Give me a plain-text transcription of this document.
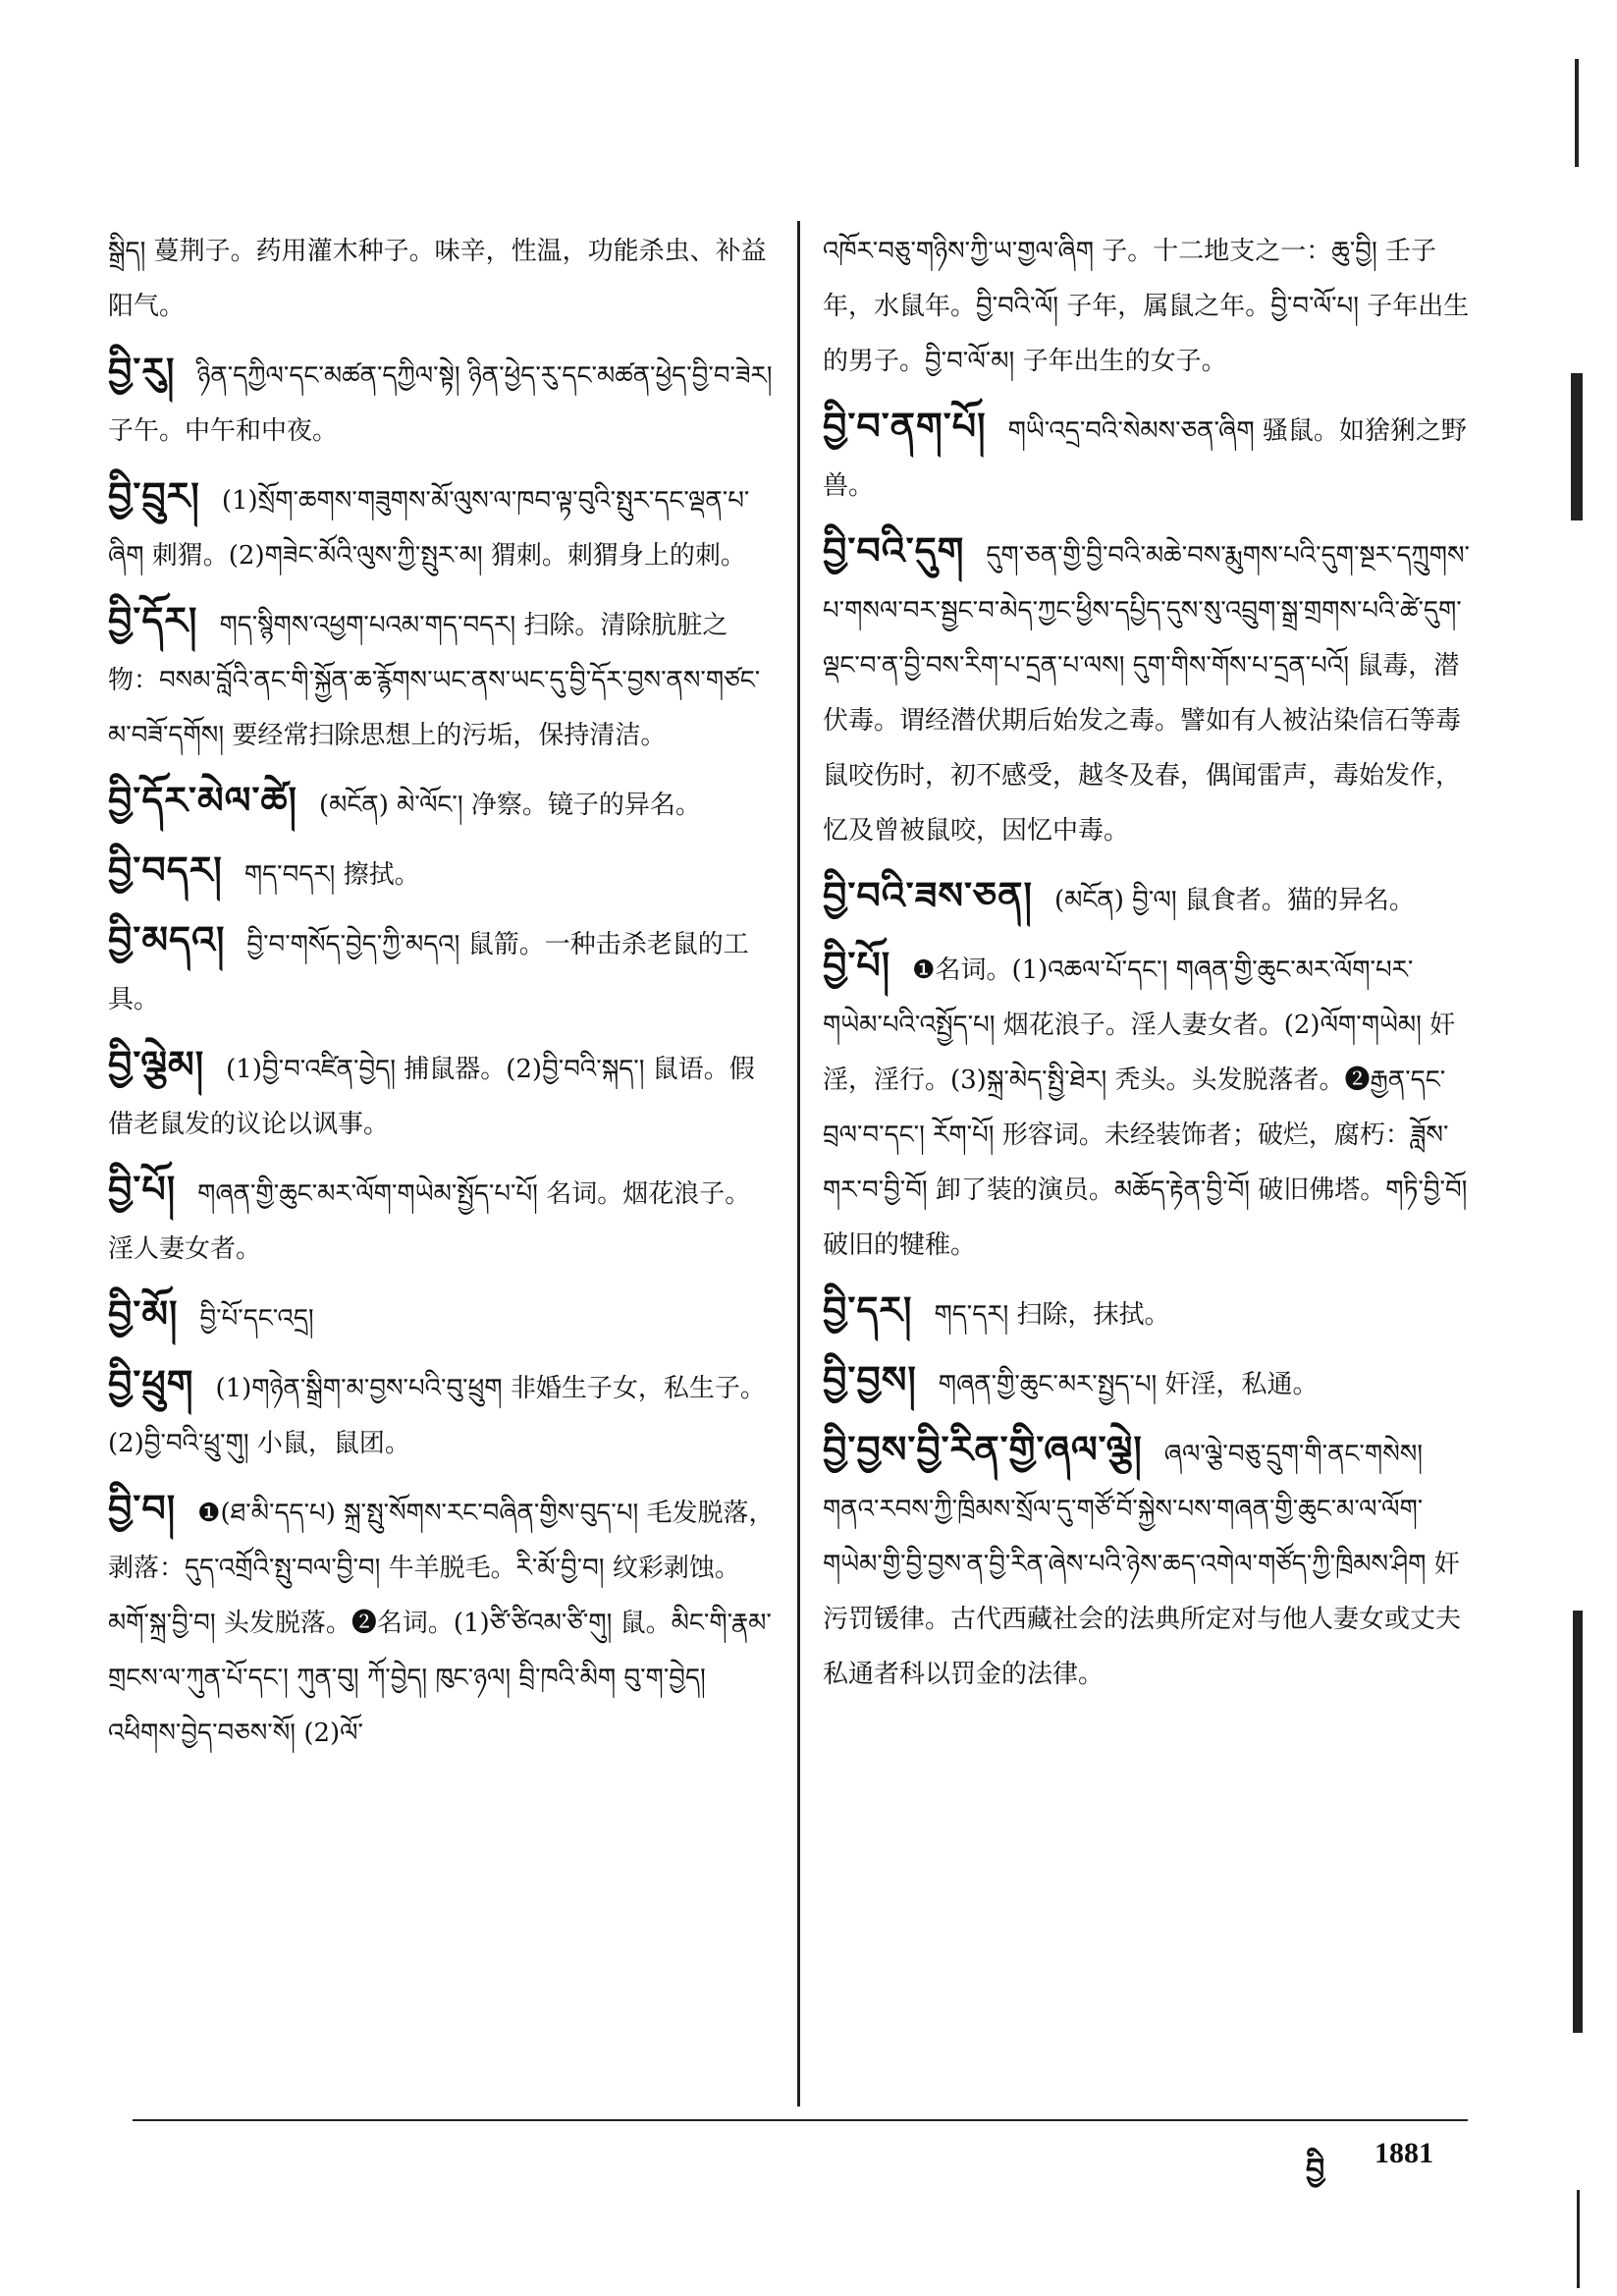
སྒྲིད། 蔓荆子。药用灌木种子。味辛，性温，功能杀虫、补益阳气。
བྱི་རུ། ཉིན་དཀྱིལ་དང་མཚན་དཀྱིལ་སྟེ། ཉིན་ཕྱེད་རུ་དང་མཚན་ཕྱེད་བྱི་བ་ཟེར། 子午。中午和中夜。
བྱི་བྲུར། (1)སྲོག་ཆགས་གཟུགས་མོ་ལུས་ལ་ཁབ་ལྟ་བུའི་སྤུར་དང་ལྡན་པ་ཞིག 刺猬。(2)གཟེང་མོའི་ལུས་ཀྱི་སྤུར་མ། 猬刺。刺猬身上的刺。
བྱི་དོར། གད་སྙིགས་འཕྱག་པའམ་གད་བདར། 扫除。清除肮脏之物：བསམ་བློའི་ནང་གི་སྐྱོན་ཆ་རྙོགས་ཡང་ནས་ཡང་དུ་བྱི་དོར་བྱས་ནས་གཙང་མ་བཟོ་དགོས། 要经常扫除思想上的污垢，保持清洁。
བྱི་དོར་མེལ་ཚེ། (མངོན) མེ་ལོང་། 净察。镜子的异名。
བྱི་བདར། གད་བདར། 擦拭。
བྱི་མདའ། བྱི་བ་གསོད་བྱེད་ཀྱི་མདའ། 鼠箭。一种击杀老鼠的工具。
བྱི་ལྕེམ། (1)བྱི་བ་འཛིན་བྱེད། 捕鼠器。(2)བྱི་བའི་སྐད་། 鼠语。假借老鼠发的议论以讽事。
བྱི་པོ། གཞན་གྱི་ཆུང་མར་ལོག་གཡེམ་སྤྱོད་པ་པོ། 名词。烟花浪子。淫人妻女者。
བྱི་མོ། བྱི་པོ་དང་འདྲ།
བྱི་ཕྲུག (1)གཉེན་སྒྲིག་མ་བྱས་པའི་བུ་ཕྲུག 非婚生子女，私生子。(2)བྱི་བའི་ཕྲུ་གུ། 小鼠，鼠团。
བྱི་བ། ❶(ཐ་མི་དད་པ) སྐྲ་སྤུ་སོགས་རང་བཞིན་གྱིས་བུད་པ། 毛发脱落，剥落：དུད་འགྲོའི་སྤུ་བལ་བྱི་བ། 牛羊脱毛。རི་མོ་བྱི་བ། 纹彩剥蚀。མགོ་སྐྲ་བྱི་བ། 头发脱落。❷名词。(1)ཙི་ཙིའམ་ཙི་གུ། 鼠。མིང་གི་རྣམ་གྲངས་ལ་ཀུན་པོ་དང་། ཀུན་བུ། ཀོ་བྱེད། ཁུང་ཉལ། བྲི་ཁའི་མིག བུ་ག་བྱེད། འཕིགས་བྱེད་བཅས་སོ། (2)ལོ་
འཁོར་བཅུ་གཉིས་ཀྱི་ཡ་གྱལ་ཞིག 子。十二地支之一：ཆུ་བྱི། 壬子年，水鼠年。བྱི་བའི་ལོ། 子年，属鼠之年。བྱི་བ་ལོ་པ། 子年出生的男子。བྱི་བ་ལོ་མ། 子年出生的女子。
བྱི་བ་ནག་པོ། གཡི་འདྲ་བའི་སེམས་ཅན་ཞིག 骚鼠。如猞猁之野兽。
བྱི་བའི་དུག དུག་ཅན་གྱི་བྱི་བའི་མཆེ་བས་རྨུགས་པའི་དུག་སྔར་དཀྲུགས་པ་གསལ་བར་སྦྱང་བ་མེད་ཀྱང་ཕྱིས་དཔྱིད་དུས་སུ་འབྲུག་སྒྲ་གྲགས་པའི་ཚེ་དུག་ལྡང་བ་ན་བྱི་བས་རིག་པ་དྲན་པ་ལས། དུག་གིས་གོས་པ་དྲན་པའོ། 鼠毒，潜伏毒。谓经潜伏期后始发之毒。譬如有人被沾染信石等毒鼠咬伤时，初不感受，越冬及春，偶闻雷声，毒始发作，忆及曾被鼠咬，因忆中毒。
བྱི་བའི་ཟས་ཅན། (མངོན) བྱི་ལ། 鼠食者。猫的异名。
བྱི་པོ། ❶名词。(1)འཆལ་པོ་དང་། གཞན་གྱི་ཆུང་མར་ལོག་པར་གཡེམ་པའི་འསྤྱོད་པ། 烟花浪子。淫人妻女者。(2)ལོག་གཡེམ། 奸淫，淫行。(3)སྐྲ་མེད་སྤྱི་ཐེར། 秃头。头发脱落者。❷རྒྱན་དང་བྲལ་བ་དང་། རོག་པོ། 形容词。未经装饰者；破烂，腐朽：ཟློས་གར་བ་བྱི་བོ། 卸了装的演员。མཆོད་རྟེན་བྱི་བོ། 破旧佛塔。གཏི་བྱི་བོ། 破旧的犍稚。
བྱི་དར། གད་དར། 扫除，抹拭。
བྱི་བྱས། གཞན་གྱི་ཆུང་མར་སྤྱད་པ། 奸淫，私通。
བྱི་བྱས་བྱི་རིན་གྱི་ཞལ་ལྕེ། ཞལ་ལྕེ་བཅུ་དྲུག་གི་ནང་གསེས། གནའ་རབས་ཀྱི་ཁྲིམས་སྲོལ་དུ་གཙོ་བོ་སྐྱེས་པས་གཞན་གྱི་ཆུང་མ་ལ་ལོག་གཡེམ་གྱི་བྱི་བྱས་ན་བྱི་རིན་ཞེས་པའི་ཉེས་ཆད་འགེལ་གཙོད་ཀྱི་ཁྲིམས་ཤིག 奸污罚锾律。古代西藏社会的法典所定对与他人妻女或丈夫私通者科以罚金的法律。
བྱི 1881
